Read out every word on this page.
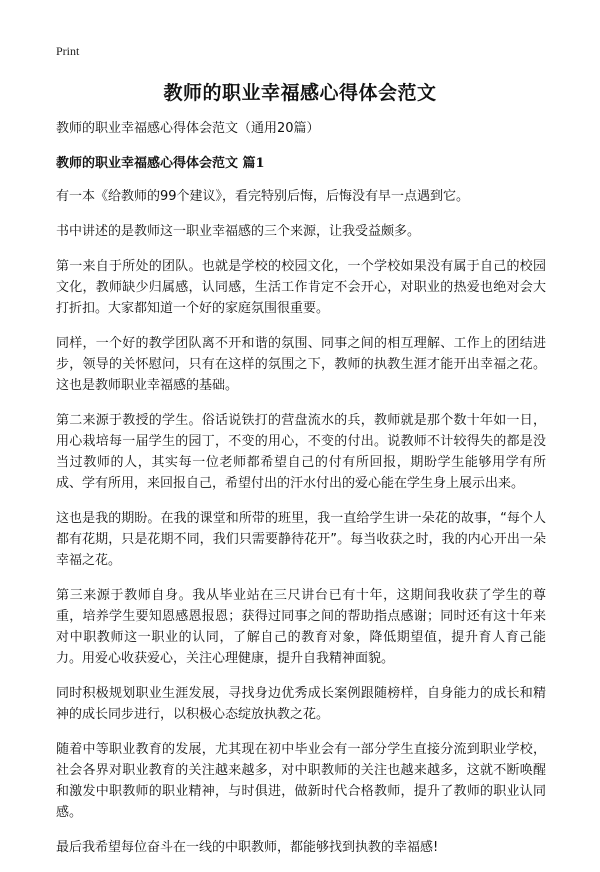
Print
教师的职业幸福感心得体会范文

教师的职业幸福感心得体会范文（通用20篇）

教师的职业幸福感心得体会范文 篇1

有一本《给教师的99个建议》，看完特别后悔，后悔没有早一点遇到它。

书中讲述的是教师这一职业幸福感的三个来源，让我受益颇多。

第一来自于所处的团队。也就是学校的校园文化，一个学校如果没有属于自己的校园文化，教师缺少归属感，认同感，生活工作肯定不会开心，对职业的热爱也绝对会大打折扣。大家都知道一个好的家庭氛围很重要。

同样，一个好的教学团队离不开和谐的氛围、同事之间的相互理解、工作上的团结进步，领导的关怀慰问，只有在这样的氛围之下，教师的执教生涯才能开出幸福之花。这也是教师职业幸福感的基础。

第二来源于教授的学生。俗话说铁打的营盘流水的兵，教师就是那个数十年如一日，用心栽培每一届学生的园丁，不变的用心，不变的付出。说教师不计较得失的都是没当过教师的人，其实每一位老师都希望自己的付有所回报，期盼学生能够用学有所成、学有所用，来回报自己，希望付出的汗水付出的爱心能在学生身上展示出来。

这也是我的期盼。在我的课堂和所带的班里，我一直给学生讲一朵花的故事，“每个人都有花期，只是花期不同，我们只需要静待花开”。每当收获之时，我的内心开出一朵幸福之花。

第三来源于教师自身。我从毕业站在三尺讲台已有十年，这期间我收获了学生的尊重，培养学生要知恩感恩报恩；获得过同事之间的帮助指点感谢；同时还有这十年来对中职教师这一职业的认同，了解自己的教育对象，降低期望值，提升育人育己能力。用爱心收获爱心，关注心理健康，提升自我精神面貌。

同时积极规划职业生涯发展，寻找身边优秀成长案例跟随榜样，自身能力的成长和精神的成长同步进行，以积极心态绽放执教之花。

随着中等职业教育的发展，尤其现在初中毕业会有一部分学生直接分流到职业学校，社会各界对职业教育的关注越来越多，对中职教师的关注也越来越多，这就不断唤醒和激发中职教师的职业精神，与时俱进，做新时代合格教师，提升了教师的职业认同感。

最后我希望每位奋斗在一线的中职教师，都能够找到执教的幸福感!
